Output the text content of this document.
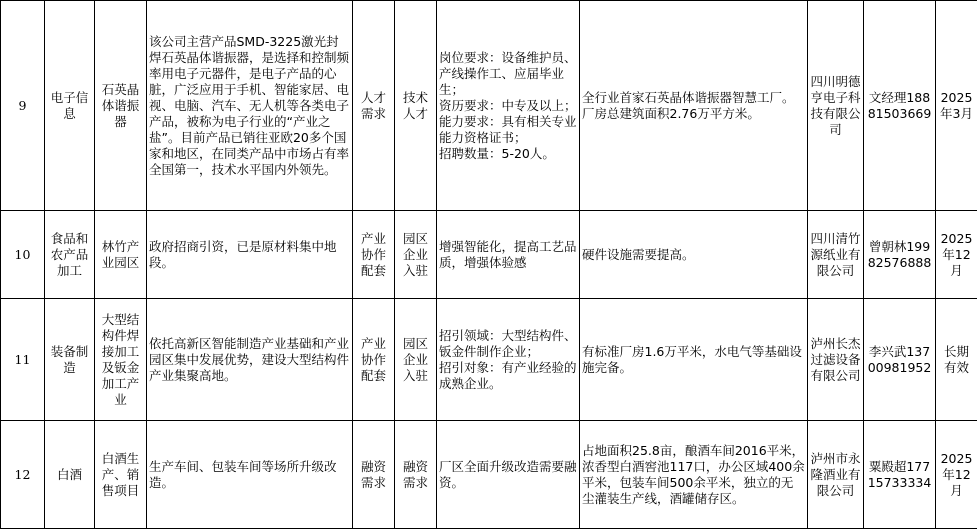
9	电子信息	石英晶体谐振器	该公司主营产品SMD-3225激光封焊石英晶体谐振器，是选择和控制频率用电子元器件，是电子产品的心脏，广泛应用于手机、智能家居、电视、电脑、汽车、无人机等各类电子产品，被称为电子行业的“产业之盐”。目前产品已销往亚欧20多个国家和地区，在同类产品中市场占有率全国第一，技术水平国内外领先。	人才需求	技术人才	岗位要求：设备维护员、产线操作工、应届毕业生；
资历要求：中专及以上；
能力要求：具有相关专业能力资格证书；
招聘数量：5-20人。	全行业首家石英晶体谐振器智慧工厂。厂房总建筑面积2.76万平方米。	四川明德亨电子科技有限公司	文经理18881503669	2025年3月
10	食品和农产品加工	林竹产业园区	政府招商引资，已是原材料集中地段。	产业协作配套	园区企业入驻	增强智能化，提高工艺品质，增强体验感	硬件设施需要提高。	四川清竹源纸业有限公司	曾朝林19982576888	2025年12月
11	装备制造	大型结构件焊接加工及钣金加工产业	依托高新区智能制造产业基础和产业园区集中发展优势，建设大型结构件产业集聚高地。	产业协作配套	园区企业入驻	招引领域：大型结构件、钣金件制作企业；
招引对象：有产业经验的成熟企业。	有标准厂房1.6万平米，水电气等基础设施完备。	泸州长杰过滤设备有限公司	李兴武13700981952	长期有效
12	白酒	白酒生产、销售项目	生产车间、包装车间等场所升级改造。	融资需求	融资需求	厂区全面升级改造需要融资。	占地面积25.8亩，酿酒车间2016平米，浓香型白酒窖池117口，办公区域400余平米，包装车间500余平米，独立的无尘灌装生产线，酒罐储存区。	泸州市永隆酒业有限公司	粟殿超17715733334	2025年12月
